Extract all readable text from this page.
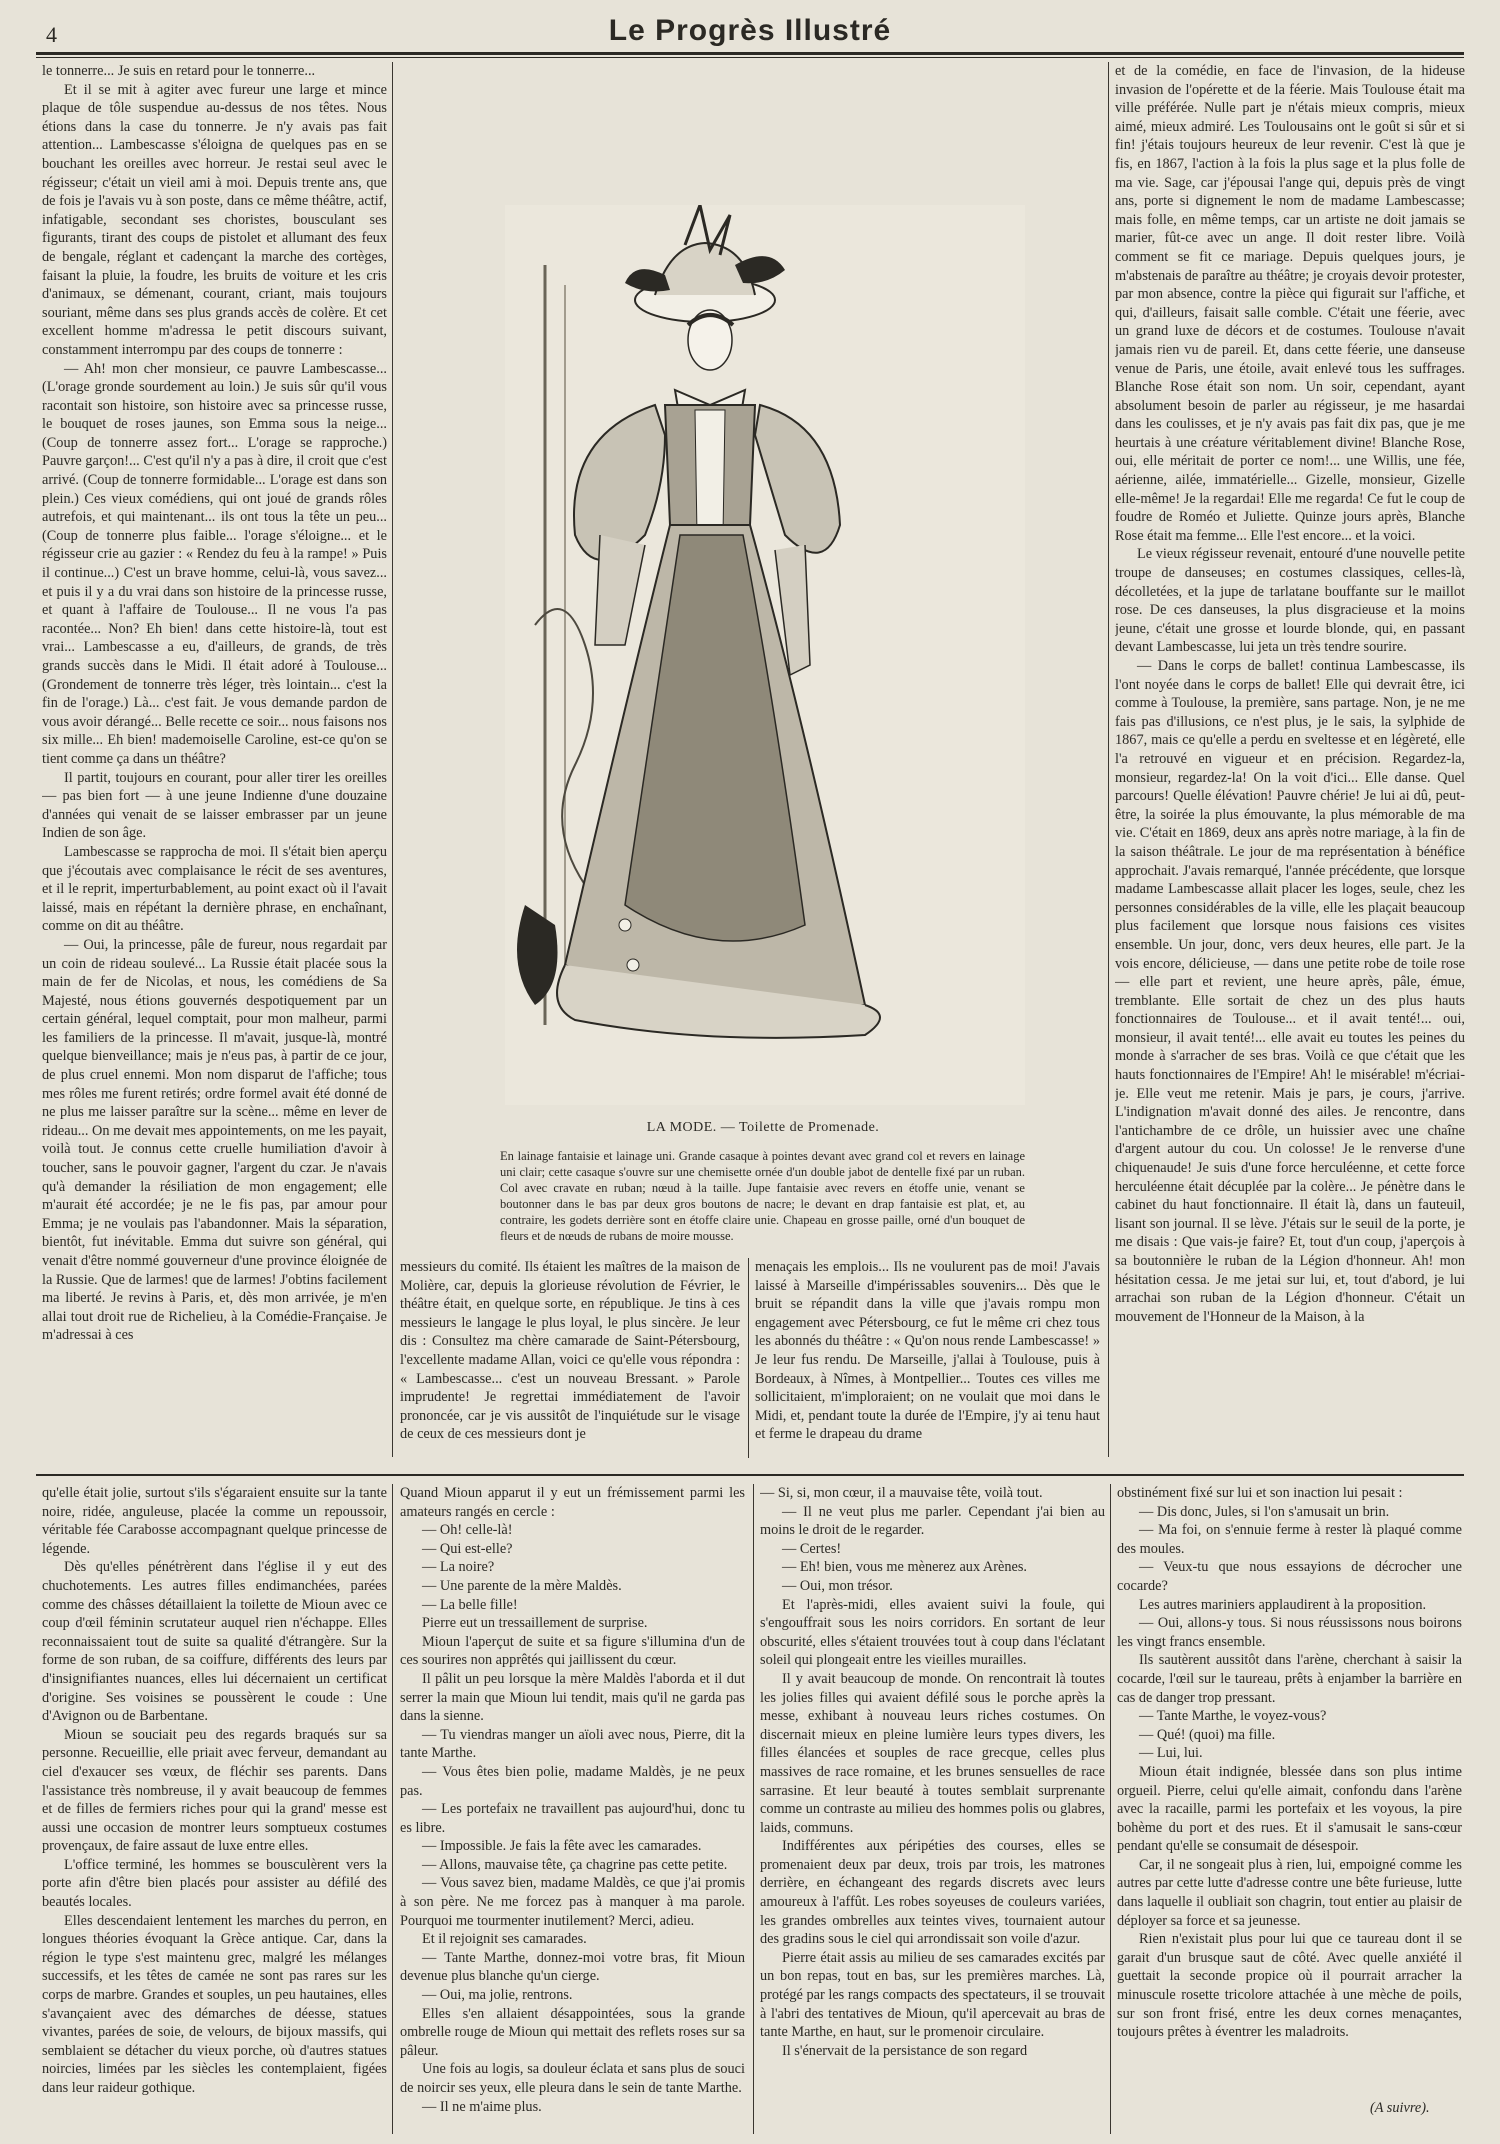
4	Le Progrès Illustré

le tonnerre... Je suis en retard pour le tonnerre...

Et il se mit à agiter avec fureur une large et mince plaque de tôle suspendue au-dessus de nos têtes. Nous étions dans la case du tonnerre. Je n'y avais pas fait attention... Lambescasse s'éloigna de quelques pas en se bouchant les oreilles avec horreur. Je restai seul avec le régisseur; c'était un vieil ami à moi. Depuis trente ans, que de fois je l'avais vu à son poste, dans ce même théâtre, actif, infatigable, secondant ses choristes, bousculant ses figurants, tirant des coups de pistolet et allumant des feux de bengale, réglant et cadençant la marche des cortèges, faisant la pluie, la foudre, les bruits de voiture et les cris d'animaux, se démenant, courant, criant, mais toujours souriant, même dans ses plus grands accès de colère. Et cet excellent homme m'adressa le petit discours suivant, constamment interrompu par des coups de tonnerre :

— Ah! mon cher monsieur, ce pauvre Lambescasse... (L'orage gronde sourdement au loin.) Je suis sûr qu'il vous racontait son histoire, son histoire avec sa princesse russe, le bouquet de roses jaunes, son Emma sous la neige... (Coup de tonnerre assez fort... L'orage se rapproche.) Pauvre garçon!... C'est qu'il n'y a pas à dire, il croit que c'est arrivé. (Coup de tonnerre formidable... L'orage est dans son plein.) Ces vieux comédiens, qui ont joué de grands rôles autrefois, et qui maintenant... ils ont tous la tête un peu... (Coup de tonnerre plus faible... l'orage s'éloigne... et le régisseur crie au gazier : « Rendez du feu à la rampe! » Puis il continue...) C'est un brave homme, celui-là, vous savez... et puis il y a du vrai dans son histoire de la princesse russe, et quant à l'affaire de Toulouse... Il ne vous l'a pas racontée... Non? Eh bien! dans cette histoire-là, tout est vrai... Lambescasse a eu, d'ailleurs, de grands, de très grands succès dans le Midi. Il était adoré à Toulouse... (Grondement de tonnerre très léger, très lointain... c'est la fin de l'orage.) Là... c'est fait. Je vous demande pardon de vous avoir dérangé... Belle recette ce soir... nous faisons nos six mille... Eh bien! mademoiselle Caroline, est-ce qu'on se tient comme ça dans un théâtre?

Il partit, toujours en courant, pour aller tirer les oreilles — pas bien fort — à une jeune Indienne d'une douzaine d'années qui venait de se laisser embrasser par un jeune Indien de son âge.

Lambescasse se rapprocha de moi. Il s'était bien aperçu que j'écoutais avec complaisance le récit de ses aventures, et il le reprit, imperturbablement, au point exact où il l'avait laissé, mais en répétant la dernière phrase, en enchaînant, comme on dit au théâtre.

— Oui, la princesse, pâle de fureur, nous regardait par un coin de rideau soulevé... La Russie était placée sous la main de fer de Nicolas, et nous, les comédiens de Sa Majesté, nous étions gouvernés despotiquement par un certain général, lequel comptait, pour mon malheur, parmi les familiers de la princesse. Il m'avait, jusque-là, montré quelque bienveillance; mais je n'eus pas, à partir de ce jour, de plus cruel ennemi. Mon nom disparut de l'affiche; tous mes rôles me furent retirés; ordre formel avait été donné de ne plus me laisser paraître sur la scène... même en lever de rideau... On me devait mes appointements, on me les payait, voilà tout. Je connus cette cruelle humiliation d'avoir à toucher, sans le pouvoir gagner, l'argent du czar. Je n'avais qu'à demander la résiliation de mon engagement; elle m'aurait été accordée; je ne le fis pas, par amour pour Emma; je ne voulais pas l'abandonner. Mais la séparation, bientôt, fut inévitable. Emma dut suivre son général, qui venait d'être nommé gouverneur d'une province éloignée de la Russie. Que de larmes! que de larmes! J'obtins facilement ma liberté. Je revins à Paris, et, dès mon arrivée, je m'en allai tout droit rue de Richelieu, à la Comédie-Française. Je m'adressai à ces

LA MODE. — Toilette de Promenade.
En lainage fantaisie et lainage uni. Grande casaque à pointes devant avec grand col et revers en lainage uni clair; cette casaque s'ouvre sur une chemisette ornée d'un double jabot de dentelle fixé par un ruban. Col avec cravate en ruban; nœud à la taille. Jupe fantaisie avec revers en étoffe unie, venant se boutonner dans le bas par deux gros boutons de nacre; le devant en drap fantaisie est plat, et, au contraire, les godets derrière sont en étoffe claire unie. Chapeau en grosse paille, orné d'un bouquet de fleurs et de nœuds de rubans de moire mousse.

et de la comédie, en face de l'invasion, de la hideuse invasion de l'opérette et de la féerie. Mais Toulouse était ma ville préférée. Nulle part je n'étais mieux compris, mieux aimé, mieux admiré. Les Toulousains ont le goût si sûr et si fin! j'étais toujours heureux de leur revenir. C'est là que je fis, en 1867, l'action à la fois la plus sage et la plus folle de ma vie. Sage, car j'épousai l'ange qui, depuis près de vingt ans, porte si dignement le nom de madame Lambescasse; mais folle, en même temps, car un artiste ne doit jamais se marier, fût-ce avec un ange. Il doit rester libre. Voilà comment se fit ce mariage. Depuis quelques jours, je m'abstenais de paraître au théâtre; je croyais devoir protester, par mon absence, contre la pièce qui figurait sur l'affiche, et qui, d'ailleurs, faisait salle comble. C'était une féerie, avec un grand luxe de décors et de costumes. Toulouse n'avait jamais rien vu de pareil. Et, dans cette féerie, une danseuse venue de Paris, une étoile, avait enlevé tous les suffrages. Blanche Rose était son nom. Un soir, cependant, ayant absolument besoin de parler au régisseur, je me hasardai dans les coulisses, et je n'y avais pas fait dix pas, que je me heurtais à une créature véritablement divine! Blanche Rose, oui, elle méritait de porter ce nom!... une Willis, une fée, aérienne, ailée, immatérielle... Gizelle, monsieur, Gizelle elle-même! Je la regardai! Elle me regarda! Ce fut le coup de foudre de Roméo et Juliette. Quinze jours après, Blanche Rose était ma femme... Elle l'est encore... et la voici.

Le vieux régisseur revenait, entouré d'une nouvelle petite troupe de danseuses; en costumes classiques, celles-là, décolletées, et la jupe de tarlatane bouffante sur le maillot rose. De ces danseuses, la plus disgracieuse et la moins jeune, c'était une grosse et lourde blonde, qui, en passant devant Lambescasse, lui jeta un très tendre sourire.

— Dans le corps de ballet! continua Lambescasse, ils l'ont noyée dans le corps de ballet! Elle qui devrait être, ici comme à Toulouse, la première, sans partage. Non, je ne me fais pas d'illusions, ce n'est plus, je le sais, la sylphide de 1867, mais ce qu'elle a perdu en sveltesse et en légèreté, elle l'a retrouvé en vigueur et en précision. Regardez-la, monsieur, regardez-la! On la voit d'ici... Elle danse. Quel parcours! Quelle élévation! Pauvre chérie! Je lui ai dû, peut-être, la soirée la plus émouvante, la plus mémorable de ma vie. C'était en 1869, deux ans après notre mariage, à la fin de la saison théâtrale. Le jour de ma représentation à bénéfice approchait. J'avais remarqué, l'année précédente, que lorsque madame Lambescasse allait placer les loges, seule, chez les personnes considérables de la ville, elle les plaçait beaucoup plus facilement que lorsque nous faisions ces visites ensemble. Un jour, donc, vers deux heures, elle part. Je la vois encore, délicieuse, — dans une petite robe de toile rose — elle part et revient, une heure après, pâle, émue, tremblante. Elle sortait de chez un des plus hauts fonctionnaires de Toulouse... et il avait tenté!... oui, monsieur, il avait tenté!... elle avait eu toutes les peines du monde à s'arracher de ses bras. Voilà ce que c'était que les hauts fonctionnaires de l'Empire! Ah! le misérable! m'écriai-je. Elle veut me retenir. Mais je pars, je cours, j'arrive. L'indignation m'avait donné des ailes. Je rencontre, dans l'antichambre de ce drôle, un huissier avec une chaîne d'argent autour du cou. Un colosse! Je le renverse d'une chiquenaude! Je suis d'une force herculéenne, et cette force herculéenne était décuplée par la colère... Je pénètre dans le cabinet du haut fonctionnaire. Il était là, dans un fauteuil, lisant son journal. Il se lève. J'étais sur le seuil de la porte, je me disais : Que vais-je faire? Et, tout d'un coup, j'aperçois à sa boutonnière le ruban de la Légion d'honneur. Ah! mon hésitation cessa. Je me jetai sur lui, et, tout d'abord, je lui arrachai son ruban de la Légion d'honneur. C'était un mouvement de l'Honneur de la Maison, à la

messieurs du comité. Ils étaient les maîtres de la maison de Molière, car, depuis la glorieuse révolution de Février, le théâtre était, en quelque sorte, en république. Je tins à ces messieurs le langage le plus loyal, le plus sincère. Je leur dis : Consultez ma chère camarade de Saint-Pétersbourg, l'excellente madame Allan, voici ce qu'elle vous répondra : « Lambescasse... c'est un nouveau Bressant. » Parole imprudente! Je regrettai immédiatement de l'avoir prononcée, car je vis aussitôt de l'inquiétude sur le visage de ceux de ces messieurs dont je

menaçais les emplois... Ils ne voulurent pas de moi! J'avais laissé à Marseille d'impérissables souvenirs... Dès que le bruit se répandit dans la ville que j'avais rompu mon engagement avec Pétersbourg, ce fut le même cri chez tous les abonnés du théâtre : « Qu'on nous rende Lambescasse! » Je leur fus rendu. De Marseille, j'allai à Toulouse, puis à Bordeaux, à Nîmes, à Montpellier... Toutes ces villes me sollicitaient, m'imploraient; on ne voulait que moi dans le Midi, et, pendant toute la durée de l'Empire, j'y ai tenu haut et ferme le drapeau du drame

qu'elle était jolie, surtout s'ils s'égaraient ensuite sur la tante noire, ridée, anguleuse, placée la comme un repoussoir, véritable fée Carabosse accompagnant quelque princesse de légende.

Dès qu'elles pénétrèrent dans l'église il y eut des chuchotements. Les autres filles endimanchées, parées comme des châsses détaillaient la toilette de Mioun avec ce coup d'œil féminin scrutateur auquel rien n'échappe. Elles reconnaissaient tout de suite sa qualité d'étrangère. Sur la forme de son ruban, de sa coiffure, différents des leurs par d'insignifiantes nuances, elles lui décernaient un certificat d'origine. Ses voisines se poussèrent le coude : Une d'Avignon ou de Barbentane.

Mioun se souciait peu des regards braqués sur sa personne. Recueillie, elle priait avec ferveur, demandant au ciel d'exaucer ses vœux, de fléchir ses parents. Dans l'assistance très nombreuse, il y avait beaucoup de femmes et de filles de fermiers riches pour qui la grand' messe est aussi une occasion de montrer leurs somptueux costumes provençaux, de faire assaut de luxe entre elles.

L'office terminé, les hommes se bousculèrent vers la porte afin d'être bien placés pour assister au défilé des beautés locales.

Elles descendaient lentement les marches du perron, en longues théories évoquant la Grèce antique. Car, dans la région le type s'est maintenu grec, malgré les mélanges successifs, et les têtes de camée ne sont pas rares sur les corps de marbre. Grandes et souples, un peu hautaines, elles s'avançaient avec des démarches de déesse, statues vivantes, parées de soie, de velours, de bijoux massifs, qui semblaient se détacher du vieux porche, où d'autres statues noircies, limées par les siècles les contemplaient, figées dans leur raideur gothique.

Quand Mioun apparut il y eut un frémissement parmi les amateurs rangés en cercle :

— Oh! celle-là!

— Qui est-elle?

— La noire?

— Une parente de la mère Maldès.

— La belle fille!

Pierre eut un tressaillement de surprise.

Mioun l'aperçut de suite et sa figure s'illumina d'un de ces sourires non apprêtés qui jaillissent du cœur.

Il pâlit un peu lorsque la mère Maldès l'aborda et il dut serrer la main que Mioun lui tendit, mais qu'il ne garda pas dans la sienne.

— Tu viendras manger un aïoli avec nous, Pierre, dit la tante Marthe.

— Vous êtes bien polie, madame Maldès, je ne peux pas.

— Les portefaix ne travaillent pas aujourd'hui, donc tu es libre.

— Impossible. Je fais la fête avec les camarades.

— Allons, mauvaise tête, ça chagrine pas cette petite.

— Vous savez bien, madame Maldès, ce que j'ai promis à son père. Ne me forcez pas à manquer à ma parole. Pourquoi me tourmenter inutilement? Merci, adieu.

Et il rejoignit ses camarades.

— Tante Marthe, donnez-moi votre bras, fit Mioun devenue plus blanche qu'un cierge.

— Oui, ma jolie, rentrons.

Elles s'en allaient désappointées, sous la grande ombrelle rouge de Mioun qui mettait des reflets roses sur sa pâleur.

Une fois au logis, sa douleur éclata et sans plus de souci de noircir ses yeux, elle pleura dans le sein de tante Marthe.

— Il ne m'aime plus.

— Si, si, mon cœur, il a mauvaise tête, voilà tout.

— Il ne veut plus me parler. Cependant j'ai bien au moins le droit de le regarder.

— Certes!

— Eh! bien, vous me mènerez aux Arènes.

— Oui, mon trésor.

Et l'après-midi, elles avaient suivi la foule, qui s'engouffrait sous les noirs corridors. En sortant de leur obscurité, elles s'étaient trouvées tout à coup dans l'éclatant soleil qui plongeait entre les vieilles murailles.

Il y avait beaucoup de monde. On rencontrait là toutes les jolies filles qui avaient défilé sous le porche après la messe, exhibant à nouveau leurs riches costumes. On discernait mieux en pleine lumière leurs types divers, les filles élancées et souples de race grecque, celles plus massives de race romaine, et les brunes sensuelles de race sarrasine. Et leur beauté à toutes semblait surprenante comme un contraste au milieu des hommes polis ou glabres, laids, communs.

Indifférentes aux péripéties des courses, elles se promenaient deux par deux, trois par trois, les matrones derrière, en échangeant des regards discrets avec leurs amoureux à l'affût. Les robes soyeuses de couleurs variées, les grandes ombrelles aux teintes vives, tournaient autour des gradins sous le ciel qui arrondissait son voile d'azur.

Pierre était assis au milieu de ses camarades excités par un bon repas, tout en bas, sur les premières marches. Là, protégé par les rangs compacts des spectateurs, il se trouvait à l'abri des tentatives de Mioun, qu'il apercevait au bras de tante Marthe, en haut, sur le promenoir circulaire.

Il s'énervait de la persistance de son regard

obstinément fixé sur lui et son inaction lui pesait :

— Dis donc, Jules, si l'on s'amusait un brin.

— Ma foi, on s'ennuie ferme à rester là plaqué comme des moules.

— Veux-tu que nous essayions de décrocher une cocarde?

Les autres mariniers applaudirent à la proposition.

— Oui, allons-y tous. Si nous réussissons nous boirons les vingt francs ensemble.

Ils sautèrent aussitôt dans l'arène, cherchant à saisir la cocarde, l'œil sur le taureau, prêts à enjamber la barrière en cas de danger trop pressant.

— Tante Marthe, le voyez-vous?

— Qué! (quoi) ma fille.

— Lui, lui.

Mioun était indignée, blessée dans son plus intime orgueil. Pierre, celui qu'elle aimait, confondu dans l'arène avec la racaille, parmi les portefaix et les voyous, la pire bohème du port et des rues. Et il s'amusait le sans-cœur pendant qu'elle se consumait de désespoir.

Car, il ne songeait plus à rien, lui, empoigné comme les autres par cette lutte d'adresse contre une bête furieuse, lutte dans laquelle il oubliait son chagrin, tout entier au plaisir de déployer sa force et sa jeunesse.

Rien n'existait plus pour lui que ce taureau dont il se garait d'un brusque saut de côté. Avec quelle anxiété il guettait la seconde propice où il pourrait arracher la minuscule rosette tricolore attachée à une mèche de poils, sur son front frisé, entre les deux cornes menaçantes, toujours prêtes à éventrer les maladroits.

(A suivre).
